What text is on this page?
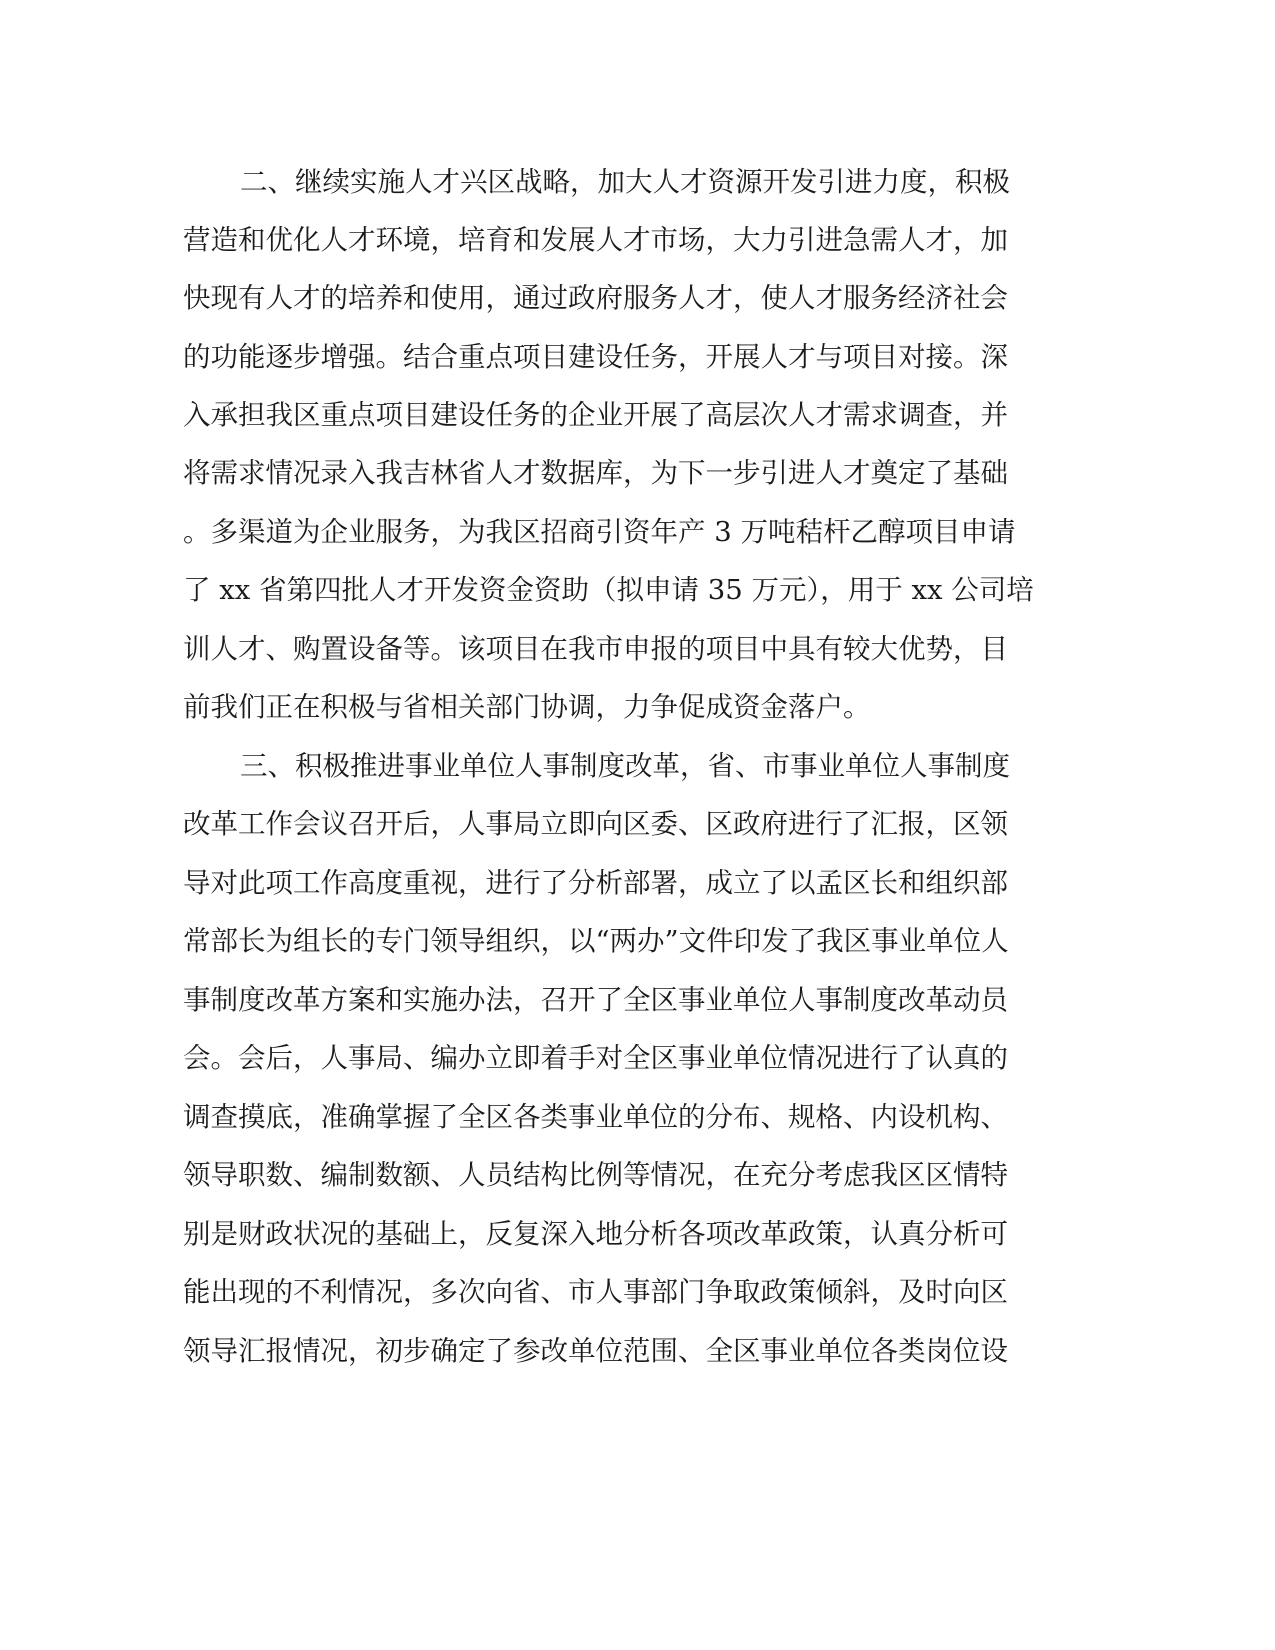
二、继续实施人才兴区战略，加大人才资源开发引进力度，积极
营造和优化人才环境，培育和发展人才市场，大力引进急需人才，加
快现有人才的培养和使用，通过政府服务人才，使人才服务经济社会
的功能逐步增强。结合重点项目建设任务，开展人才与项目对接。深
入承担我区重点项目建设任务的企业开展了高层次人才需求调查，并
将需求情况录入我吉林省人才数据库，为下一步引进人才奠定了基础
。多渠道为企业服务，为我区招商引资年产 3 万吨秸杆乙醇项目申请
了 xx 省第四批人才开发资金资助（拟申请 35 万元），用于 xx 公司培
训人才、购置设备等。该项目在我市申报的项目中具有较大优势，目
前我们正在积极与省相关部门协调，力争促成资金落户。
三、积极推进事业单位人事制度改革，省、市事业单位人事制度
改革工作会议召开后，人事局立即向区委、区政府进行了汇报，区领
导对此项工作高度重视，进行了分析部署，成立了以孟区长和组织部
常部长为组长的专门领导组织，以“两办”文件印发了我区事业单位人
事制度改革方案和实施办法，召开了全区事业单位人事制度改革动员
会。会后，人事局、编办立即着手对全区事业单位情况进行了认真的
调查摸底，准确掌握了全区各类事业单位的分布、规格、内设机构、
领导职数、编制数额、人员结构比例等情况，在充分考虑我区区情特
别是财政状况的基础上，反复深入地分析各项改革政策，认真分析可
能出现的不利情况，多次向省、市人事部门争取政策倾斜，及时向区
领导汇报情况，初步确定了参改单位范围、全区事业单位各类岗位设
